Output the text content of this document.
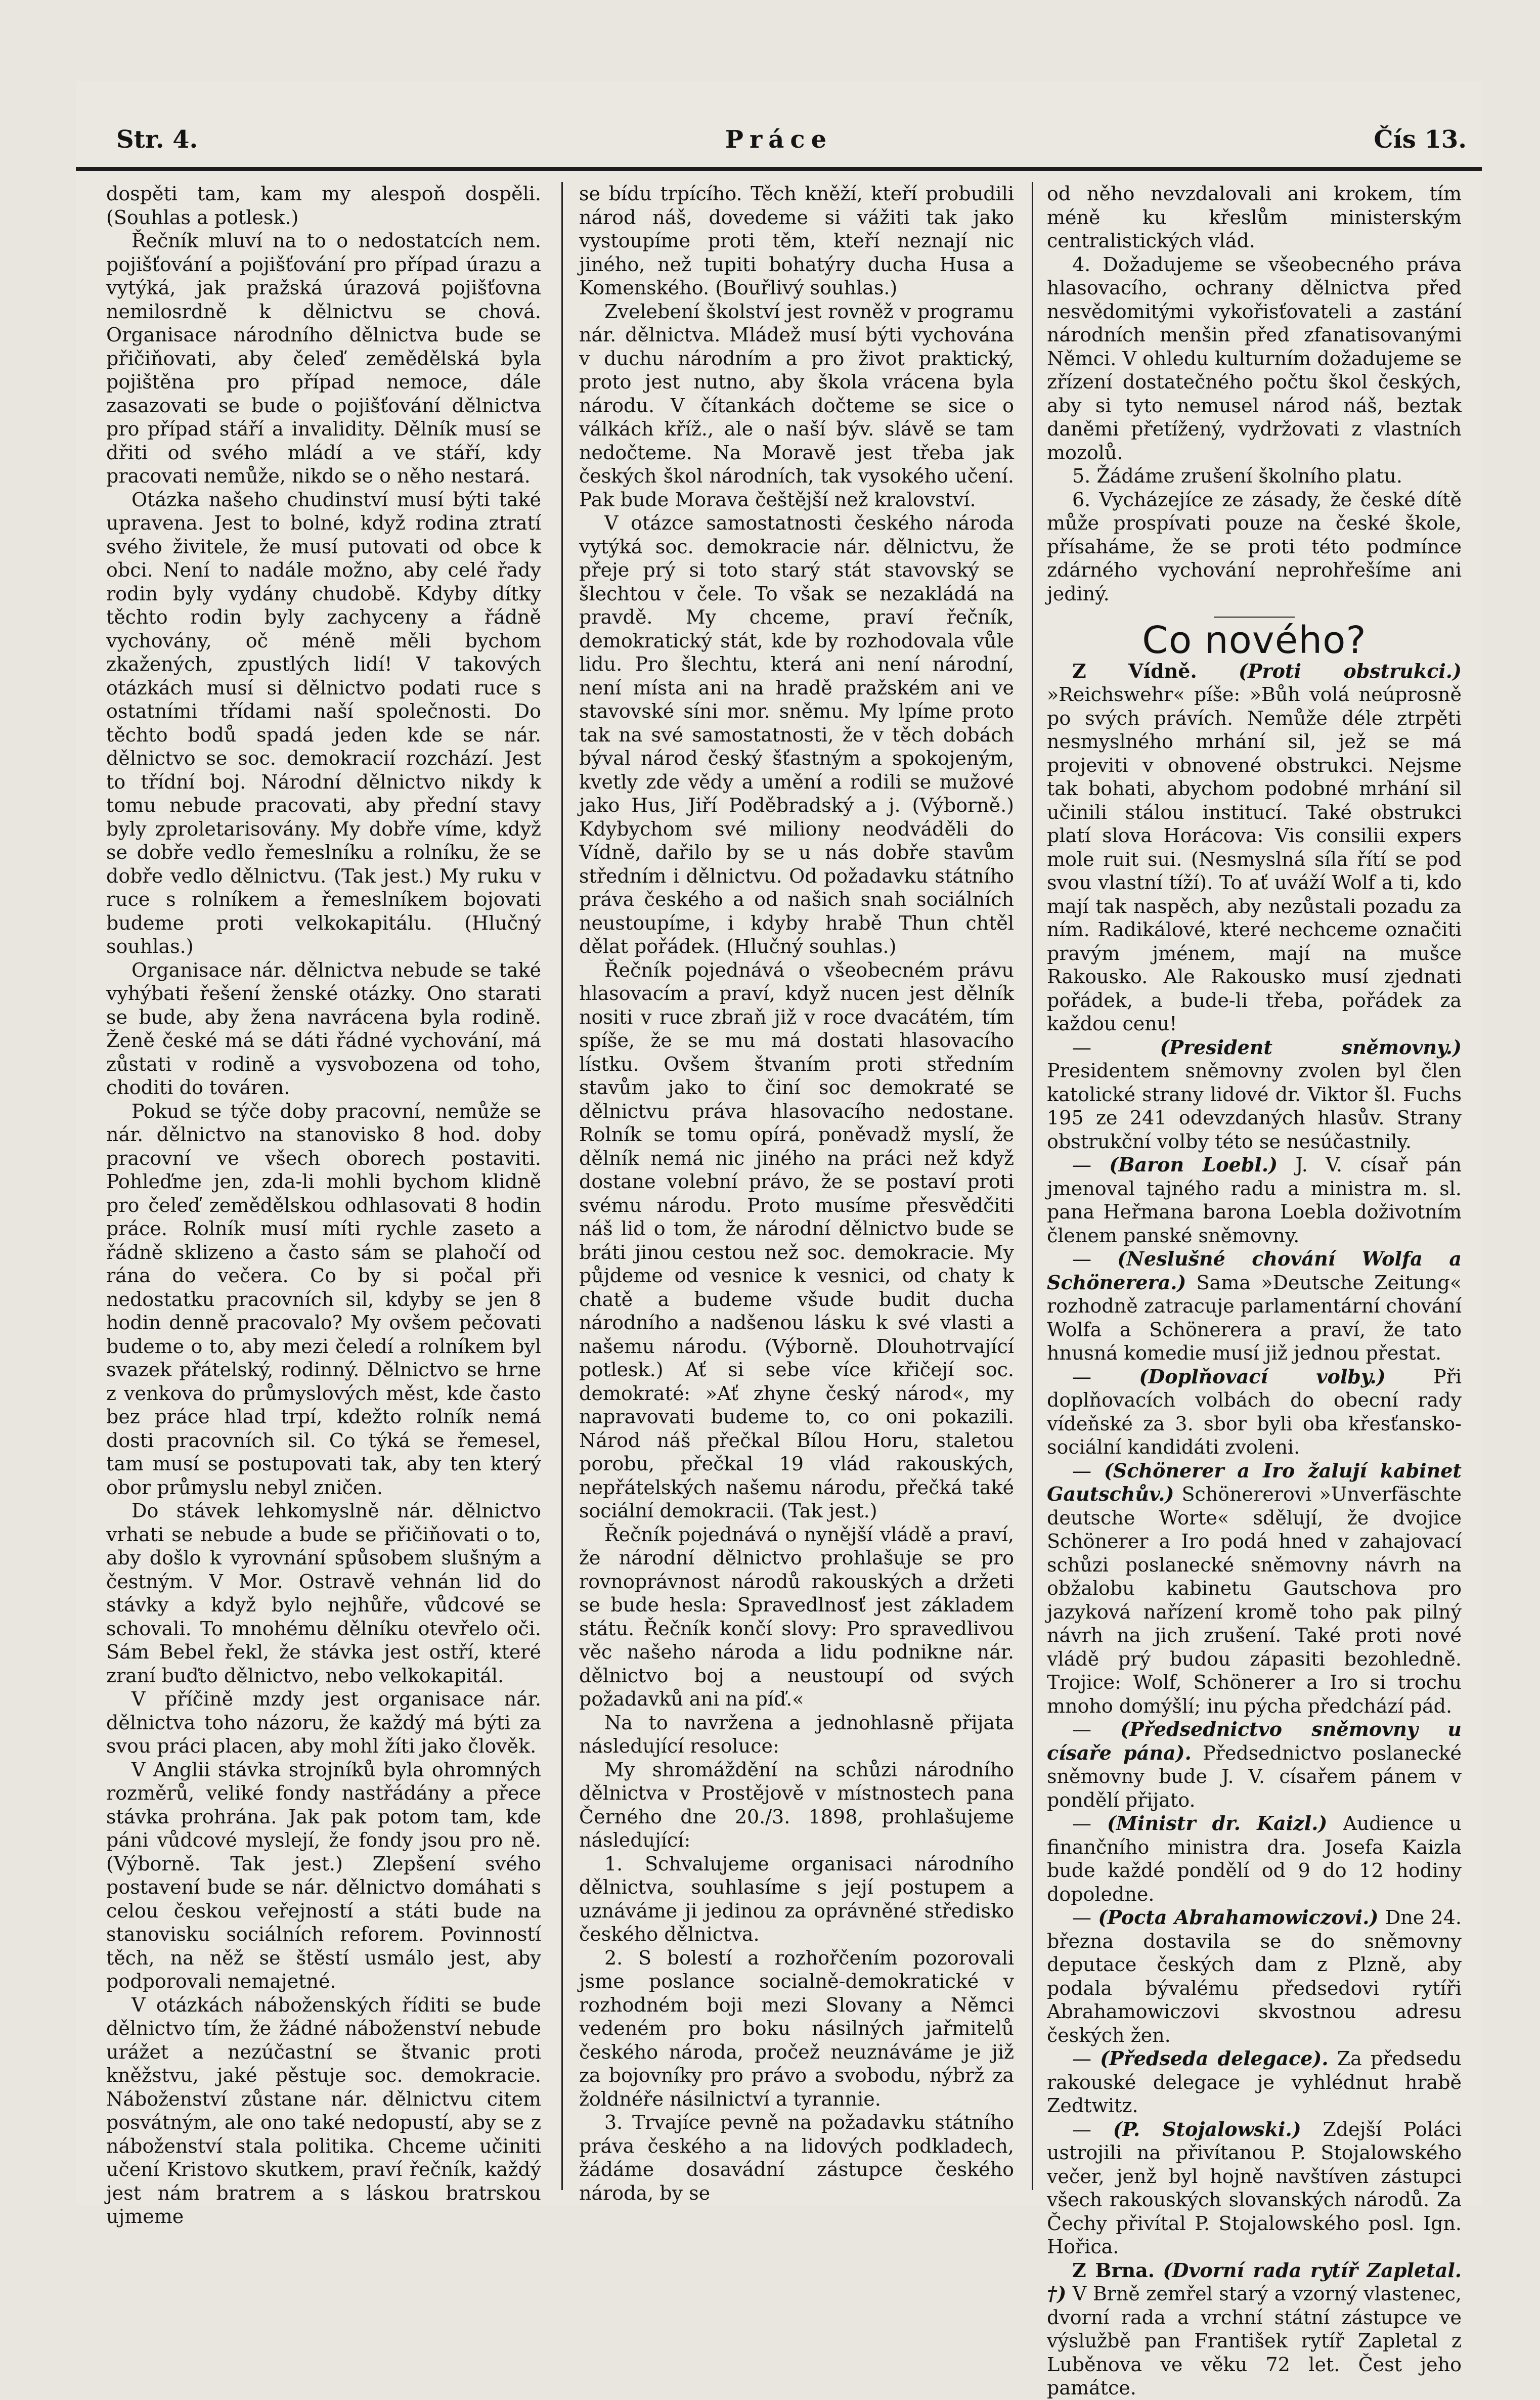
Str. 4.	Práce	Čís 13.

dospěti tam, kam my alespoň dospěli. (Souhlas a potlesk.)

Řečník mluví na to o nedostatcích nem. pojišťování a pojišťování pro případ úrazu a vytýká, jak pražská úrazová pojišťovna nemilosrdně k dělnictvu se chová. Organisace národního dělnictva bude se přičiňovati, aby čeleď zemědělská byla pojištěna pro případ nemoce, dále zasazovati se bude o pojišťování dělnictva pro případ stáří a invalidity. Dělník musí se dřiti od svého mládí a ve stáří, kdy pracovati nemůže, nikdo se o něho nestará.

Otázka našeho chudinství musí býti také upravena. Jest to bolné, když rodina ztratí svého živitele, že musí putovati od obce k obci. Není to nadále možno, aby celé řady rodin byly vydány chudobě. Kdyby dítky těchto rodin byly zachyceny a řádně vychovány, oč méně měli bychom zkažených, zpustlých lidí! V takových otázkách musí si dělnictvo podati ruce s ostatními třídami naší společnosti. Do těchto bodů spadá jeden kde se nár. dělnictvo se soc. demokracií rozchází. Jest to třídní boj. Národní dělnictvo nikdy k tomu nebude pracovati, aby přední stavy byly zproletarisovány. My dobře víme, když se dobře vedlo řemeslníku a rolníku, že se dobře vedlo dělnictvu. (Tak jest.) My ruku v ruce s rolníkem a řemeslníkem bojovati budeme proti velkokapitálu. (Hlučný souhlas.)

Organisace nár. dělnictva nebude se také vyhýbati řešení ženské otázky. Ono starati se bude, aby žena navrácena byla rodině. Ženě české má se dáti řádné vychování, má zůstati v rodině a vysvobozena od toho, choditi do továren.

Pokud se týče doby pracovní, nemůže se nár. dělnictvo na stanovisko 8 hod. doby pracovní ve všech oborech postaviti. Pohleďme jen, zda-li mohli bychom klidně pro čeleď zemědělskou odhlasovati 8 hodin práce. Rolník musí míti rychle zaseto a řádně sklizeno a často sám se plahočí od rána do večera. Co by si počal při nedostatku pracovních sil, kdyby se jen 8 hodin denně pracovalo? My ovšem pečovati budeme o to, aby mezi čeledí a rolníkem byl svazek přátelský, rodinný. Dělnictvo se hrne z venkova do průmyslových měst, kde často bez práce hlad trpí, kdežto rolník nemá dosti pracovních sil. Co týká se řemesel, tam musí se postupovati tak, aby ten který obor průmyslu nebyl zničen.

Do stávek lehkomyslně nár. dělnictvo vrhati se nebude a bude se přičiňovati o to, aby došlo k vyrovnání spůsobem slušným a čestným. V Mor. Ostravě vehnán lid do stávky a když bylo nejhůře, vůdcové se schovali. To mnohému dělníku otevřelo oči. Sám Bebel řekl, že stávka jest ostří, které zraní buďto dělnictvo, nebo velkokapitál.

V příčině mzdy jest organisace nár. dělnictva toho názoru, že každý má býti za svou práci placen, aby mohl žíti jako člověk.

V Anglii stávka strojníků byla ohromných rozměrů, veliké fondy nastřádány a přece stávka prohrána. Jak pak potom tam, kde páni vůdcové myslejí, že fondy jsou pro ně. (Výborně. Tak jest.) Zlepšení svého postavení bude se nár. dělnictvo domáhati s celou českou veřejností a státi bude na stanovisku sociálních reforem. Povinností těch, na něž se štěstí usmálo jest, aby podporovali nemajetné.

V otázkách náboženských říditi se bude dělnictvo tím, že žádné náboženství nebude urážet a nezúčastní se štvanic proti kněžstvu, jaké pěstuje soc. demokracie. Náboženství zůstane nár. dělnictvu citem posvátným, ale ono také nedopustí, aby se z náboženství stala politika. Chceme učiniti učení Kristovo skutkem, praví řečník, každý jest nám bratrem a s láskou bratrskou ujmeme

se bídu trpícího. Těch kněží, kteří probudili národ náš, dovedeme si vážiti tak jako vystoupíme proti těm, kteří neznají nic jiného, než tupiti bohatýry ducha Husa a Komenského. (Bouřlivý souhlas.)

Zvelebení školství jest rovněž v programu nár. dělnictva. Mládež musí býti vychována v duchu národním a pro život praktický, proto jest nutno, aby škola vrácena byla národu. V čítankách dočteme se sice o válkách kříž., ale o naší býv. slávě se tam nedočteme. Na Moravě jest třeba jak českých škol národních, tak vysokého učení. Pak bude Morava češtější než kralovství.

V otázce samostatnosti českého národa vytýká soc. demokracie nár. dělnictvu, že přeje prý si toto starý stát stavovský se šlechtou v čele. To však se nezakládá na pravdě. My chceme, praví řečník, demokratický stát, kde by rozhodovala vůle lidu. Pro šlechtu, která ani není národní, není místa ani na hradě pražském ani ve stavovské síni mor. sněmu. My lpíme proto tak na své samostatnosti, že v těch dobách býval národ český šťastným a spokojeným, kvetly zde vědy a umění a rodili se mužové jako Hus, Jiří Poděbradský a j. (Výborně.) Kdybychom své miliony neodváděli do Vídně, dařilo by se u nás dobře stavům středním i dělnictvu. Od požadavku státního práva českého a od našich snah sociálních neustoupíme, i kdyby hrabě Thun chtěl dělat pořádek. (Hlučný souhlas.)

Řečník pojednává o všeobecném právu hlasovacím a praví, když nucen jest dělník nositi v ruce zbraň již v roce dvacátém, tím spíše, že se mu má dostati hlasovacího lístku. Ovšem štvaním proti středním stavům jako to činí soc demokraté se dělnictvu práva hlasovacího nedostane. Rolník se tomu opírá, poněvadž myslí, že dělník nemá nic jiného na práci než když dostane volební právo, že se postaví proti svému národu. Proto musíme přesvědčiti náš lid o tom, že národní dělnictvo bude se bráti jinou cestou než soc. demokracie. My půjdeme od vesnice k vesnici, od chaty k chatě a budeme všude budit ducha národního a nadšenou lásku k své vlasti a našemu národu. (Výborně. Dlouhotrvající potlesk.) Ať si sebe více křičejí soc. demokraté: »Ať zhyne český národ«, my napravovati budeme to, co oni pokazili. Národ náš přečkal Bílou Horu, staletou porobu, přečkal 19 vlád rakouských, nepřátelských našemu národu, přečká také sociální demokracii. (Tak jest.)

Řečník pojednává o nynější vládě a praví, že národní dělnictvo prohlašuje se pro rovnoprávnost národů rakouských a držeti se bude hesla: Spravedlnosť jest základem státu. Řečník končí slovy: Pro spravedlivou věc našeho národa a lidu podnikne nár. dělnictvo boj a neustoupí od svých požadavků ani na píď.«

Na to navržena a jednohlasně přijata následující resoluce:

My shromáždění na schůzi národního dělnictva v Prostějově v místnostech pana Černého dne 20./3. 1898, prohlašujeme následující:

1. Schvalujeme organisaci národního dělnictva, souhlasíme s její postupem a uznáváme ji jedinou za oprávněné středisko českého dělnictva.

2. S bolestí a rozhořčením pozorovali jsme poslance socialně-demokratické v rozhodném boji mezi Slovany a Němci vedeném pro boku násilných jařmitelů českého národa, pročež neuznáváme je již za bojovníky pro právo a svobodu, nýbrž za žoldnéře násilnictví a tyrannie.

3. Trvajíce pevně na požadavku státního práva českého a na lidových podkladech, žádáme dosavádní zástupce českého národa, by se

od něho nevzdalovali ani krokem, tím méně ku křeslům ministerským centralistických vlád.

4. Dožadujeme se všeobecného práva hlasovacího, ochrany dělnictva před nesvědomitými vykořisťovateli a zastání národních menšin před zfanatisovanými Němci. V ohledu kulturním dožadujeme se zřízení dostatečného počtu škol českých, aby si tyto nemusel národ náš, beztak daněmi přetížený, vydržovati z vlastních mozolů.

5. Žádáme zrušení školního platu.

6. Vycházejíce ze zásady, že české dítě může prospívati pouze na české škole, přísaháme, že se proti této podmínce zdárného vychování neprohřešíme ani jediný.

Co nového?

Z Vídně. (Proti obstrukci.) »Reichswehr« píše: »Bůh volá neúprosně po svých právích. Nemůže déle ztrpěti nesmyslného mrhání sil, jež se má projeviti v obnovené obstrukci. Nejsme tak bohati, abychom podobné mrhání sil učinili stálou institucí. Také obstrukci platí slova Horácova: Vis consilii expers mole ruit sui. (Nesmyslná síla řítí se pod svou vlastní tíží). To ať uváží Wolf a ti, kdo mají tak naspěch, aby nezůstali pozadu za ním. Radikálové, které nechceme označiti pravým jménem, mají na mušce Rakousko. Ale Rakousko musí zjednati pořádek, a bude-li třeba, pořádek za každou cenu!

—	(President sněmovny.) Presidentem sněmovny zvolen byl člen katolické strany lidové dr. Viktor šl. Fuchs 195 ze 241 odevzdaných hlasův. Strany obstrukční volby této se nesúčastnily.

— (Baron Loebl.) J. V. císař pán jmenoval tajného radu a ministra m. sl. pana Heřmana barona Loebla doživotním členem panské sněmovny.

— (Neslušné chování Wolfa a Schönerera.) Sama »Deutsche Zeitung« rozhodně zatracuje parlamentární chování Wolfa a Schönerera a praví, že tato hnusná komedie musí již jednou přestat.

— (Doplňovací volby.) Při doplňovacích volbách do obecní rady vídeňské za 3. sbor byli oba křesťansko-sociální kandidáti zvoleni.

— (Schönerer a Iro žalují kabinet Gautschův.) Schönererovi »Unverfäschte deutsche Worte« sdělují, že dvojice Schönerer a Iro podá hned v zahajovací schůzi poslanecké sněmovny návrh na obžalobu kabinetu Gautschova pro jazyková nařízení kromě toho pak pilný návrh na jich zrušení. Také proti nové vládě prý budou zápasiti bezohledně. Trojice: Wolf, Schönerer a Iro si trochu mnoho domýšlí; inu pýcha předchází pád.

— (Předsednictvo sněmovny u císaře pána). Předsednictvo poslanecké sněmovny bude J. V. císařem pánem v pondělí přijato.

— (Ministr dr. Kaizl.) Audience u finančního ministra dra. Josefa Kaizla bude každé pondělí od 9 do 12 hodiny dopoledne.

— (Pocta Abrahamowiczovi.) Dne 24. března dostavila se do sněmovny deputace českých dam z Plzně, aby podala bývalému předsedovi rytíři Abrahamowiczovi skvostnou adresu českých žen.

— (Předseda delegace). Za předsedu rakouské delegace je vyhlédnut hrabě Zedtwitz.

— (P. Stojalowski.) Zdejší Poláci ustrojili na přivítanou P. Stojalowského večer, jenž byl hojně navštíven zástupci všech rakouských slovanských národů. Za Čechy přivítal P. Stojalowského posl. Ign. Hořica.

Z Brna. (Dvorní rada rytíř Zapletal. †) V Brně zemřel starý a vzorný vlastenec, dvorní rada a vrchní státní zástupce ve výslužbě pan František rytíř Zapletal z Luběnova ve věku 72 let. Čest jeho památce.
